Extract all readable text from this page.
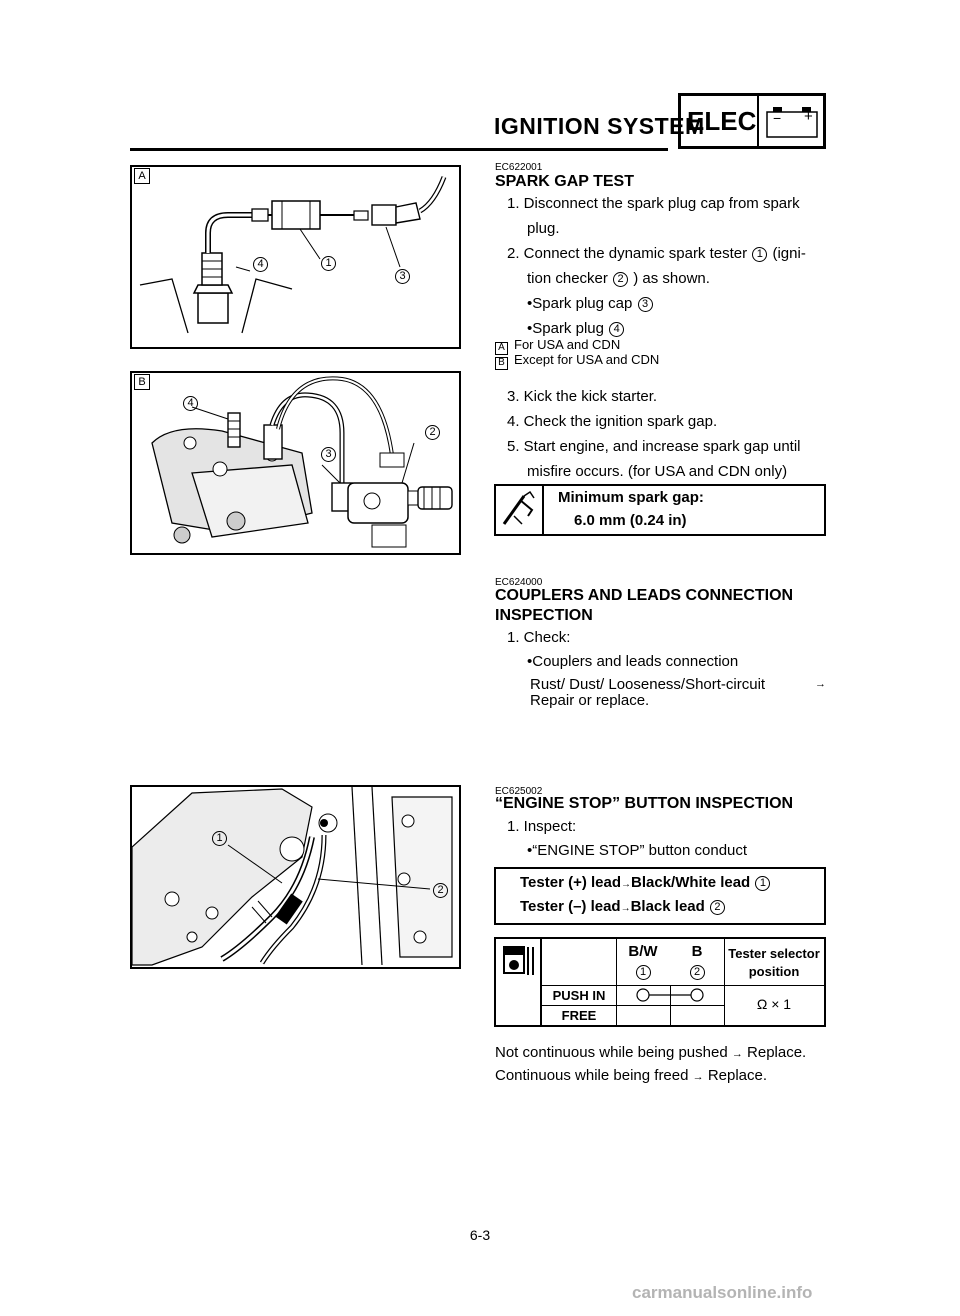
IGNITION SYSTEM
ELEC − +
A
1
3
4
B
4
2
3
1
2
EC622001
SPARK GAP TEST
1. Disconnect the spark plug cap from spark
plug.
2. Connect the dynamic spark tester 1 (igni-
tion checker 2 ) as shown.
•Spark plug cap 3
•Spark plug 4
A For USA and CDN
B Except for USA and CDN
3. Kick the kick starter.
4. Check the ignition spark gap.
5. Start engine, and increase spark gap until
misfire occurs. (for USA and CDN only)
Minimum spark gap:
6.0 mm (0.24 in)
EC624000
COUPLERS AND LEADS CONNECTION
INSPECTION
1. Check:
•Couplers and leads connection
Rust/ Dust/ Looseness/Short-circuit	→
Repair or replace.
EC625002
“ENGINE STOP” BUTTON INSPECTION
1. Inspect:
•“ENGINE STOP” button conduct
Tester (+) lead→Black/White lead 1
Tester (–) lead→Black lead 2
B/W
1
B
2
Tester selector
position
PUSH IN
FREE
Ω × 1
Not continuous while being pushed → Replace.
Continuous while being freed → Replace.
6-3
carmanualsonline.info
